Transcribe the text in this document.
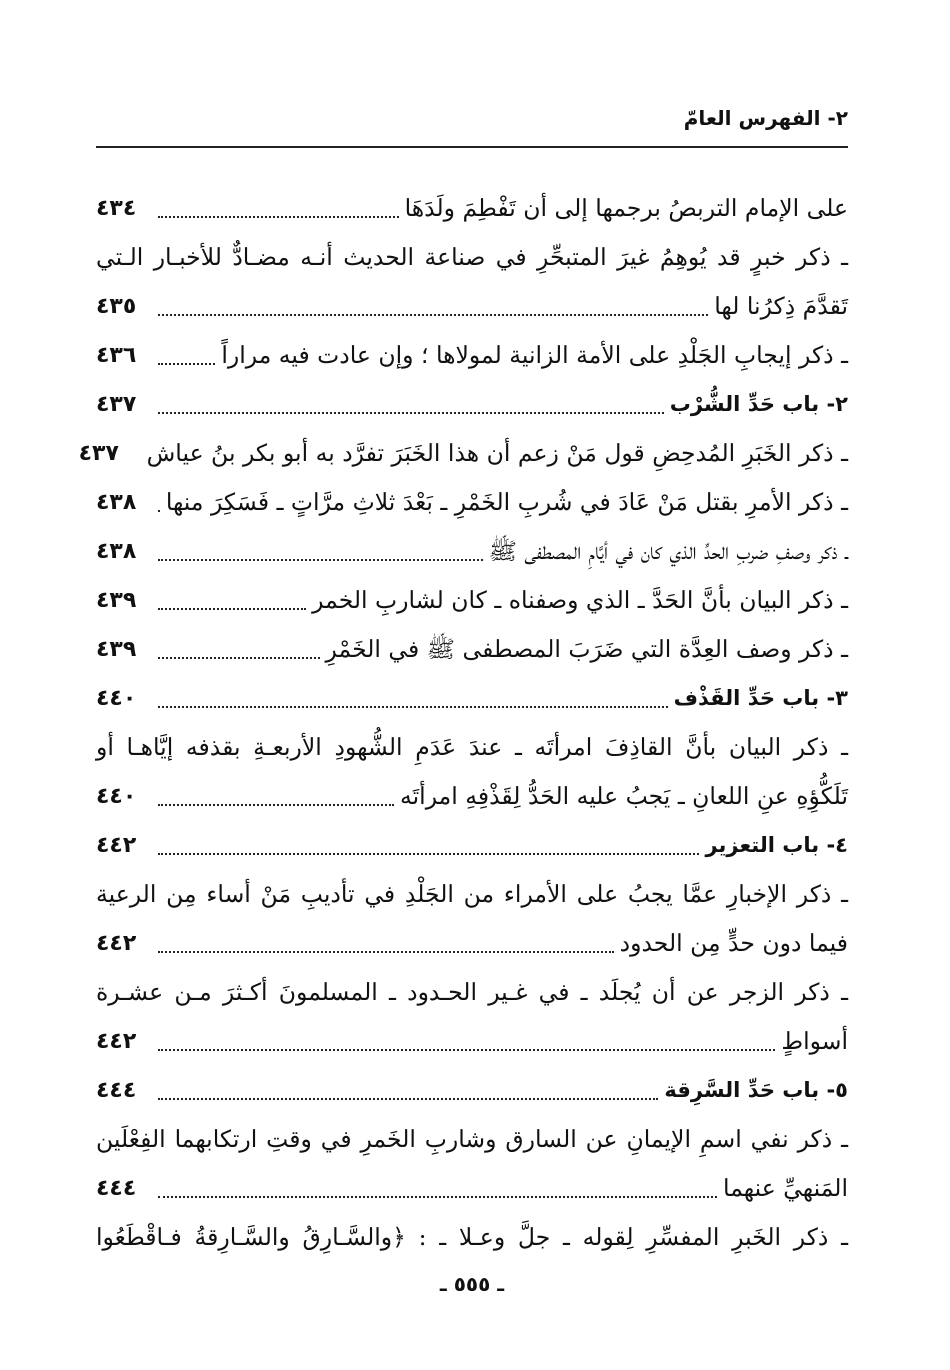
٢- الفهرس العامّ
على الإمام التربصُ برجمها إلى أن تَفْطِمَ ولَدَهَا
٤٣٤
ـ ذكر خبرٍ قد يُوهِمُ غيرَ المتبحِّرِ في صناعة الحديث أنـه مضـادٌّ للأخبـار الـتي
تَقدَّمَ ذِكرُنا لها
٤٣٥
ـ ذكر إيجابِ الجَلْدِ على الأمة الزانية لمولاها ؛ وإن عادت فيه مراراً
٤٣٦
٢- باب حَدِّ الشُّرْب
٤٣٧
ـ ذكر الخَبَرِ المُدحِضِ قول مَنْ زعم أن هذا الخَبَرَ تفرَّد به أبو بكر بنُ عياش
٤٣٧
ـ ذكر الأمرِ بقتل مَنْ عَادَ في شُربِ الخَمْرِ ـ بَعْدَ ثلاثِ مرَّاتٍ ـ فَسَكِرَ منها
٤٣٨
ـ ذكر وصفِ ضربِ الحدِّ الذي كان في أيَّامِ المصطفى ﷺ
٤٣٨
ـ ذكر البيان بأنَّ الحَدَّ ـ الذي وصفناه ـ كان لشاربِ الخمر
٤٣٩
ـ ذكر وصف العِدَّة التي ضَرَبَ المصطفى ﷺ في الخَمْرِ
٤٣٩
٣- باب حَدِّ القَذْف
٤٤٠
ـ ذكر البيان بأنَّ القاذِفَ امرأتَه ـ عندَ عَدَمِ الشُّهودِ الأربعـةِ بقذفه إيَّاهـا أو
تَلَكُّؤِهِ عنِ اللعانِ ـ يَجبُ عليه الحَدُّ لِقَذْفِهِ امرأتَه
٤٤٠
٤- باب التعزير
٤٤٢
ـ ذكر الإخبارِ عمَّا يجبُ على الأمراء من الجَلْدِ في تأديبِ مَنْ أساء مِن الرعية
فيما دون حدٍّ مِن الحدود
٤٤٢
ـ ذكر الزجر عن أن يُجلَد ـ في غـير الحـدود ـ المسلمونَ أكـثرَ مـن عشـرة
أسواطٍ
٤٤٢
٥- باب حَدِّ السَّرِقة
٤٤٤
ـ ذكر نفي اسمِ الإيمانِ عن السارق وشاربِ الخَمرِ في وقتِ ارتكابهما الفِعْلَين
المَنهيِّ عنهما
٤٤٤
ـ ذكر الخَبرِ المفسِّرِ لِقوله ـ جلَّ وعـلا ـ : ﴿والسَّـارِقُ والسَّـارِقةُ فـاقْطَعُوا
ـ ٥٥٥ ـ
